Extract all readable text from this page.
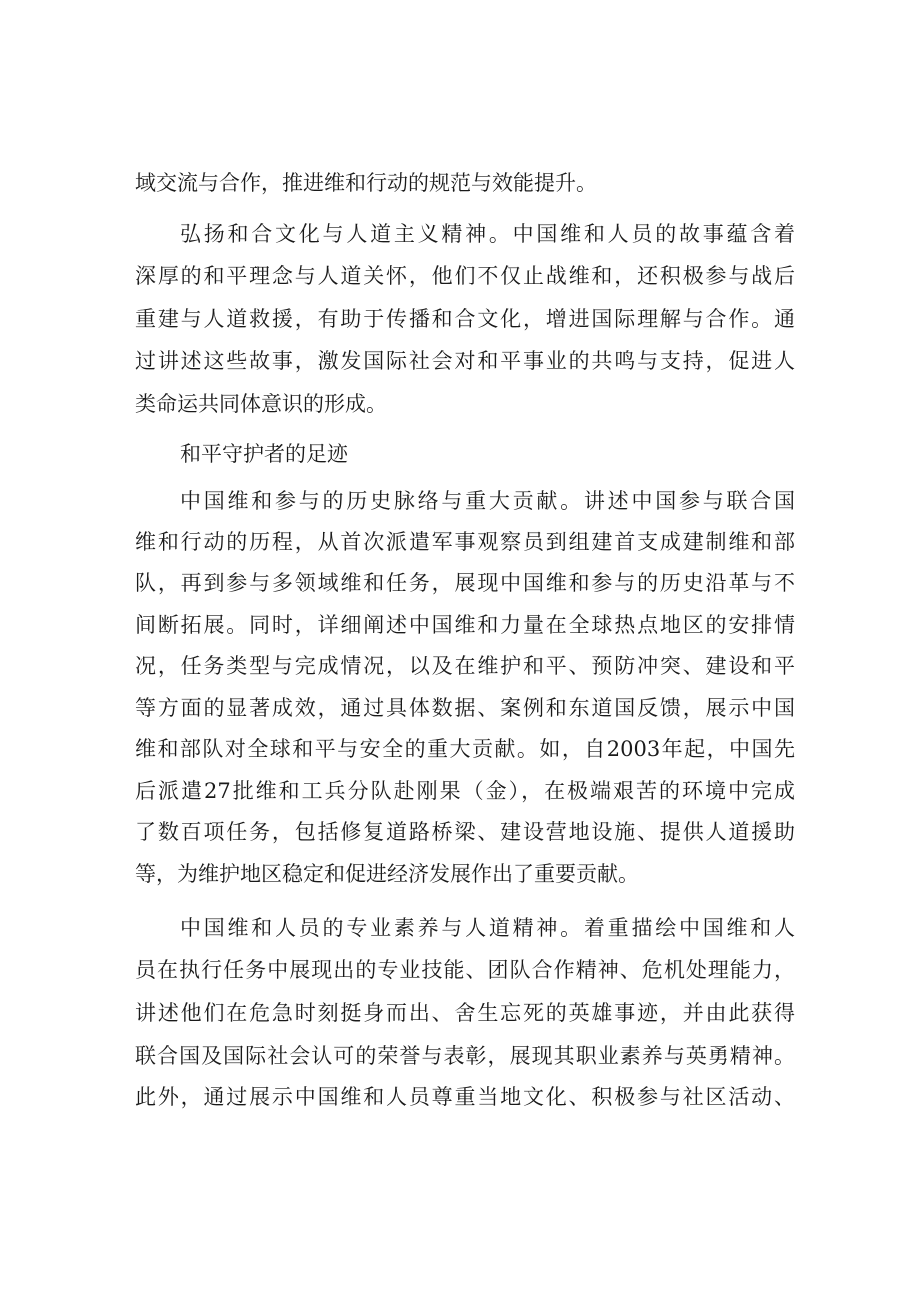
域交流与合作，推进维和行动的规范与效能提升。
弘扬和合文化与人道主义精神。中国维和人员的故事蕴含着
深厚的和平理念与人道关怀，他们不仅止战维和，还积极参与战后
重建与人道救援，有助于传播和合文化，增进国际理解与合作。通
过讲述这些故事，激发国际社会对和平事业的共鸣与支持，促进人
类命运共同体意识的形成。
和平守护者的足迹
中国维和参与的历史脉络与重大贡献。讲述中国参与联合国
维和行动的历程，从首次派遣军事观察员到组建首支成建制维和部
队，再到参与多领域维和任务，展现中国维和参与的历史沿革与不
间断拓展。同时，详细阐述中国维和力量在全球热点地区的安排情
况，任务类型与完成情况，以及在维护和平、预防冲突、建设和平
等方面的显著成效，通过具体数据、案例和东道国反馈，展示中国
维和部队对全球和平与安全的重大贡献。如，自2003年起，中国先
后派遣27批维和工兵分队赴刚果（金），在极端艰苦的环境中完成
了数百项任务，包括修复道路桥梁、建设营地设施、提供人道援助
等，为维护地区稳定和促进经济发展作出了重要贡献。
中国维和人员的专业素养与人道精神。着重描绘中国维和人
员在执行任务中展现出的专业技能、团队合作精神、危机处理能力，
讲述他们在危急时刻挺身而出、舍生忘死的英雄事迹，并由此获得
联合国及国际社会认可的荣誉与表彰，展现其职业素养与英勇精神。
此外，通过展示中国维和人员尊重当地文化、积极参与社区活动、
